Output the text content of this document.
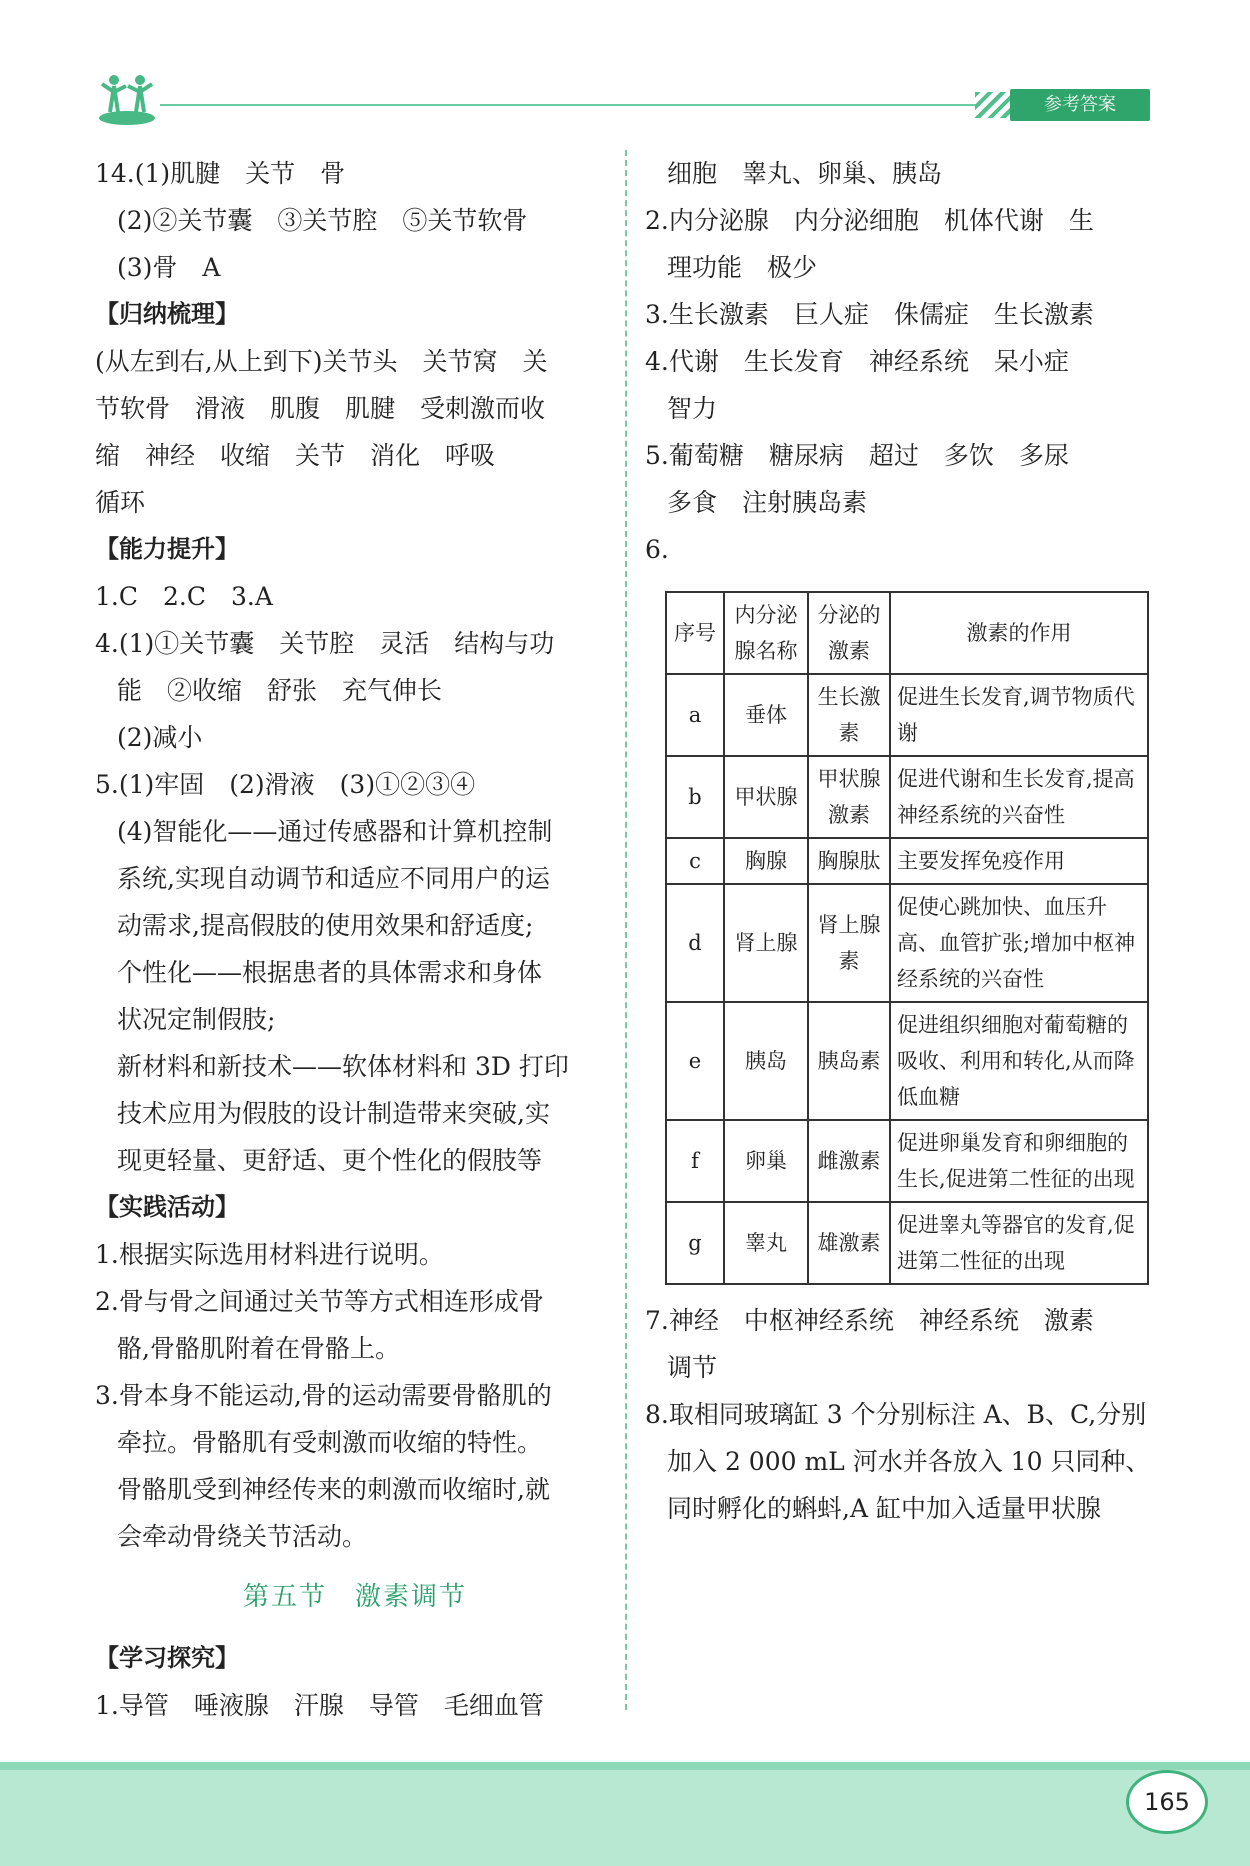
参考答案
14.(1)肌腱　关节　骨
(2)②关节囊　③关节腔　⑤关节软骨
(3)骨　A
【归纳梳理】
(从左到右,从上到下)关节头　关节窝　关
节软骨　滑液　肌腹　肌腱　受刺激而收
缩　神经　收缩　关节　消化　呼吸
循环
【能力提升】
1.C　2.C　3.A
4.(1)①关节囊　关节腔　灵活　结构与功
能　②收缩　舒张　充气伸长
(2)减小
5.(1)牢固　(2)滑液　(3)①②③④
(4)智能化——通过传感器和计算机控制
系统,实现自动调节和适应不同用户的运
动需求,提高假肢的使用效果和舒适度;
个性化——根据患者的具体需求和身体
状况定制假肢;
新材料和新技术——软体材料和 3D 打印
技术应用为假肢的设计制造带来突破,实
现更轻量、更舒适、更个性化的假肢等
【实践活动】
1.根据实际选用材料进行说明。
2.骨与骨之间通过关节等方式相连形成骨
骼,骨骼肌附着在骨骼上。
3.骨本身不能运动,骨的运动需要骨骼肌的
牵拉。骨骼肌有受刺激而收缩的特性。
骨骼肌受到神经传来的刺激而收缩时,就
会牵动骨绕关节活动。
第五节　激素调节
【学习探究】
1.导管　唾液腺　汗腺　导管　毛细血管
细胞　睾丸、卵巢、胰岛
2.内分泌腺　内分泌细胞　机体代谢　生
理功能　极少
3.生长激素　巨人症　侏儒症　生长激素
4.代谢　生长发育　神经系统　呆小症
智力
5.葡萄糖　糖尿病　超过　多饮　多尿
多食　注射胰岛素
6.
序号	内分泌腺名称	分泌的激素	激素的作用
a	垂体	生长激素	促进生长发育,调节物质代谢
b	甲状腺	甲状腺激素	促进代谢和生长发育,提高神经系统的兴奋性
c	胸腺	胸腺肽	主要发挥免疫作用
d	肾上腺	肾上腺素	促使心跳加快、血压升高、血管扩张;增加中枢神经系统的兴奋性
e	胰岛	胰岛素	促进组织细胞对葡萄糖的吸收、利用和转化,从而降低血糖
f	卵巢	雌激素	促进卵巢发育和卵细胞的生长,促进第二性征的出现
g	睾丸	雄激素	促进睾丸等器官的发育,促进第二性征的出现
7.神经　中枢神经系统　神经系统　激素
调节
8.取相同玻璃缸 3 个分别标注 A、B、C,分别
加入 2 000 mL 河水并各放入 10 只同种、
同时孵化的蝌蚪,A 缸中加入适量甲状腺
165
